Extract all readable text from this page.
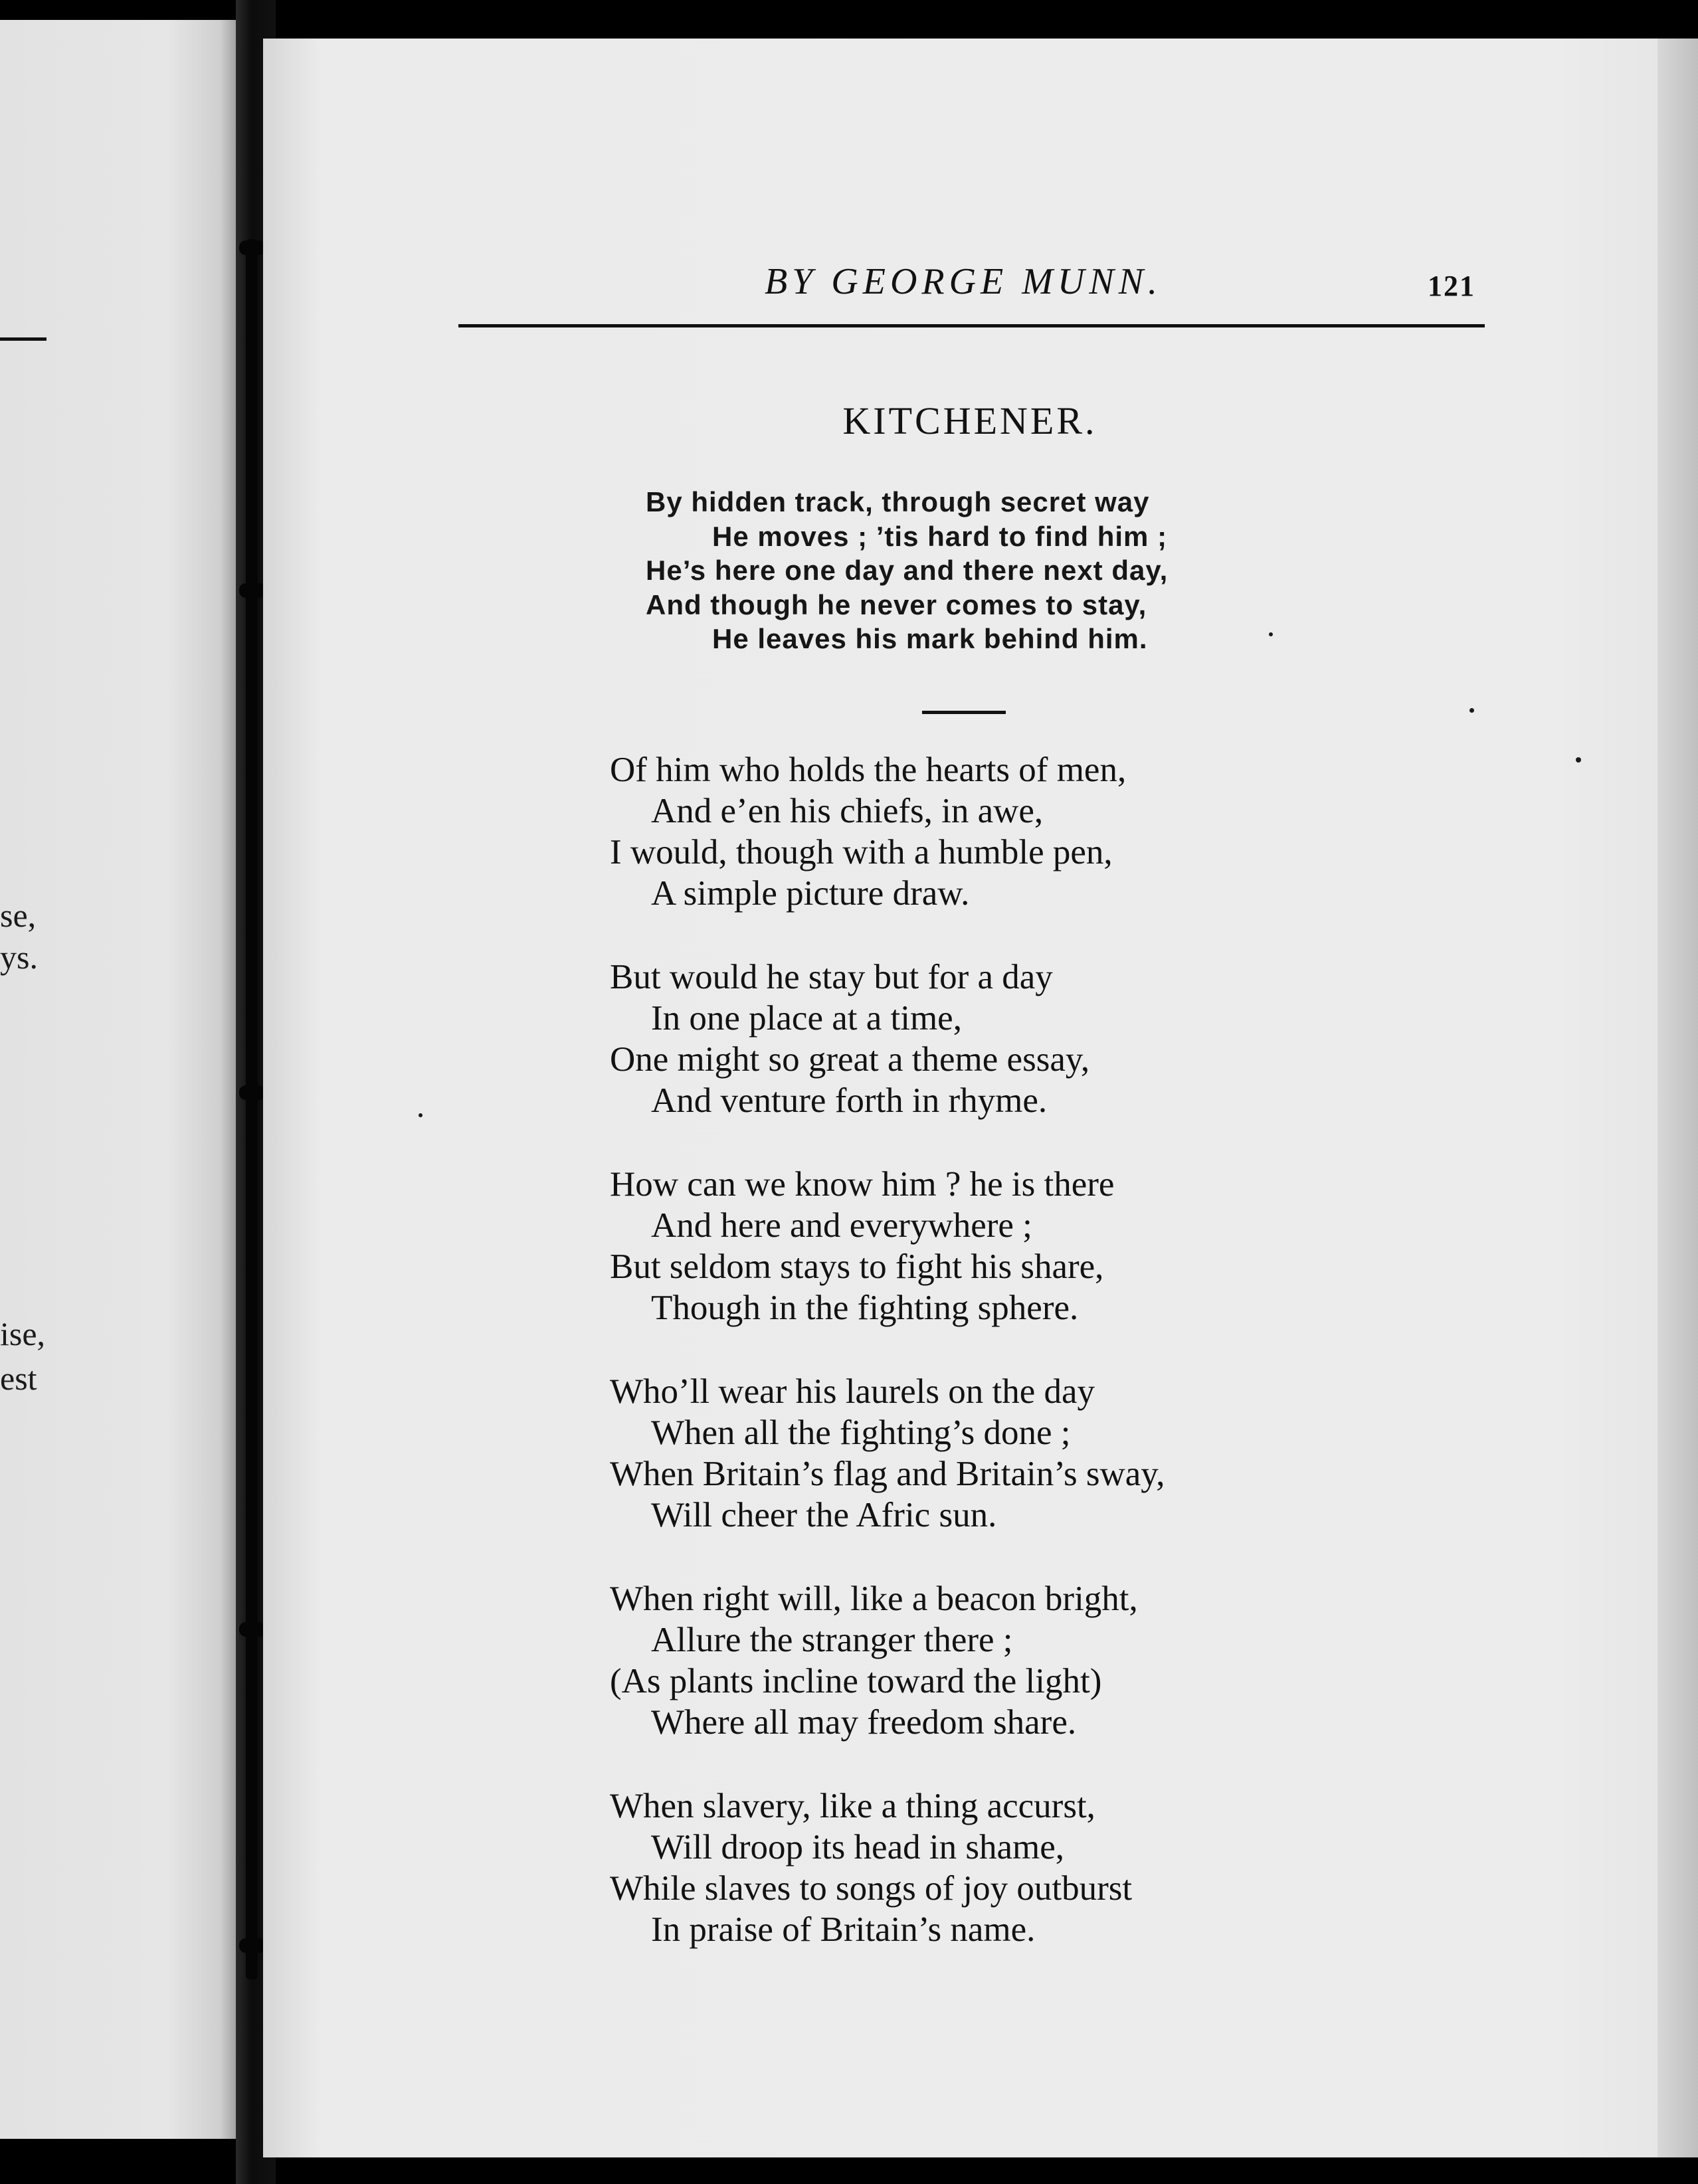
se,
ys.
ise,
est
BY GEORGE MUNN.	121
KITCHENER.
By hidden track, through secret way
He moves ; ’tis hard to find him ;
He’s here one day and there next day,
And though he never comes to stay,
He leaves his mark behind him.
Of him who holds the hearts of men,
And e’en his chiefs, in awe,
I would, though with a humble pen,
A simple picture draw.
But would he stay but for a day
In one place at a time,
One might so great a theme essay,
And venture forth in rhyme.
How can we know him ? he is there
And here and everywhere ;
But seldom stays to fight his share,
Though in the fighting sphere.
Who’ll wear his laurels on the day
When all the fighting’s done ;
When Britain’s flag and Britain’s sway,
Will cheer the Afric sun.
When right will, like a beacon bright,
Allure the stranger there ;
(As plants incline toward the light)
Where all may freedom share.
When slavery, like a thing accurst,
Will droop its head in shame,
While slaves to songs of joy outburst
In praise of Britain’s name.
